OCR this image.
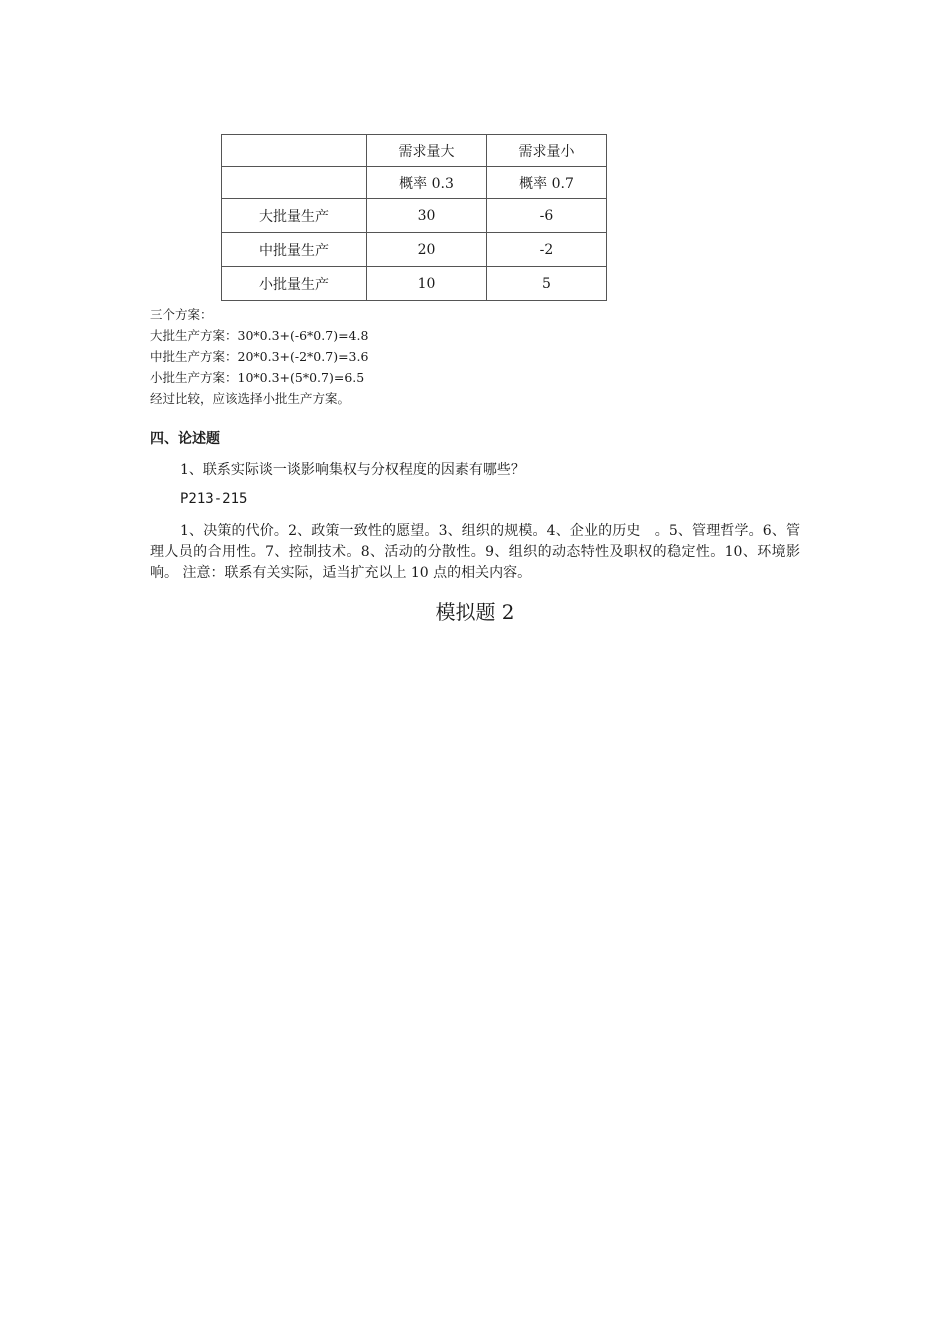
	需求量大	需求量小
	概率 0.3	概率 0.7
大批量生产	30	-6
中批量生产	20	-2
小批量生产	10	5
三个方案：
大批生产方案：30*0.3+(-6*0.7)=4.8
中批生产方案：20*0.3+(-2*0.7)=3.6
小批生产方案：10*0.3+(5*0.7)=6.5
经过比较，应该选择小批生产方案。
四、论述题
1、联系实际谈一谈影响集权与分权程度的因素有哪些？
P213-215
1、决策的代价。2、政策一致性的愿望。3、组织的规模。4、企业的历史　。5、管理哲学。6、管理人员的合用性。7、控制技术。8、活动的分散性。9、组织的动态特性及职权的稳定性。10、环境影响。 注意：联系有关实际，适当扩充以上 10 点的相关内容。
模拟题 2
